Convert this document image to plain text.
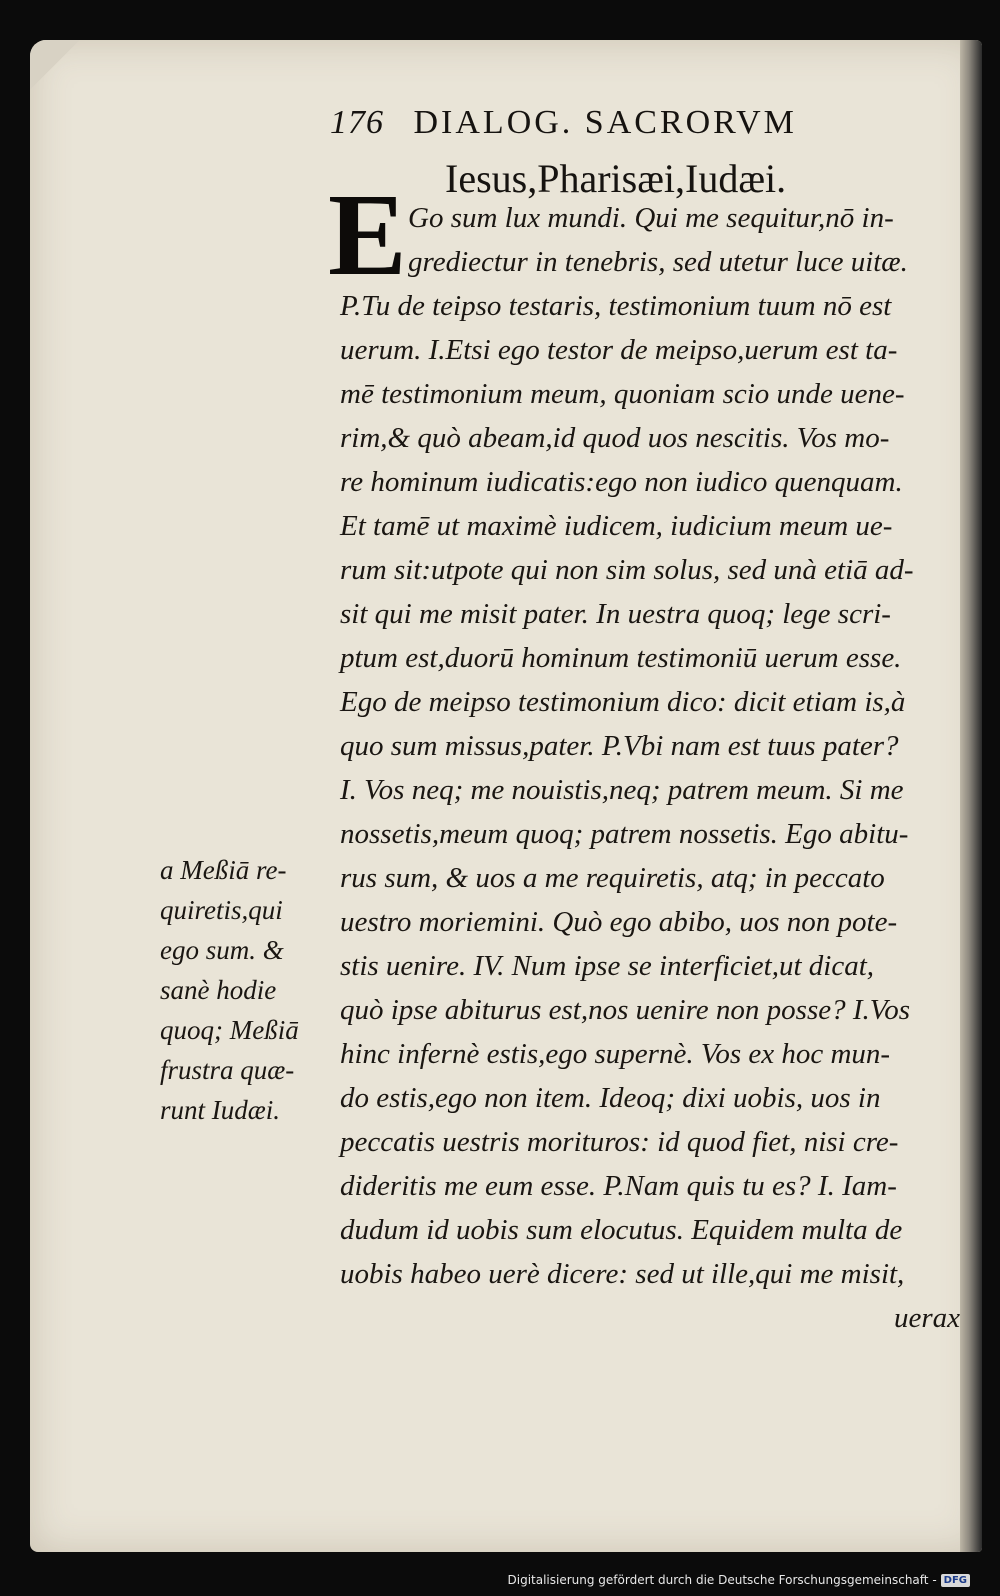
176 DIALOG. SACRORVM
Iesus,Pharisæi,Iudæi.
E Go sum lux mundi. Qui me sequitur,nō in-
grediectur in tenebris, sed utetur luce uitæ.
P.Tu de teipso testaris, testimonium tuum nō est
uerum. I.Etsi ego testor de meipso,uerum est ta-
mē testimonium meum, quoniam scio unde uene-
rim,& quò abeam,id quod uos nescitis. Vos mo-
re hominum iudicatis:ego non iudico quenquam.
Et tamē ut maximè iudicem, iudicium meum ue-
rum sit:utpote qui non sim solus, sed unà etiā ad-
sit qui me misit pater. In uestra quoq; lege scri-
ptum est,duorū hominum testimoniū uerum esse.
Ego de meipso testimonium dico: dicit etiam is,à
quo sum missus,pater. P.Vbi nam est tuus pater?
I. Vos neq; me nouistis,neq; patrem meum. Si me
nossetis,meum quoq; patrem nossetis. Ego abitu-
rus sum, & uos a me requiretis, atq; in peccato
uestro moriemini. Quò ego abibo, uos non pote-
stis uenire. IV. Num ipse se interficiet,ut dicat,
quò ipse abiturus est,nos uenire non posse? I.Vos
hinc infernè estis,ego supernè. Vos ex hoc mun-
do estis,ego non item. Ideoq; dixi uobis, uos in
peccatis uestris morituros: id quod fiet, nisi cre-
dideritis me eum esse. P.Nam quis tu es? I. Iam-
dudum id uobis sum elocutus. Equidem multa de
uobis habeo uerè dicere: sed ut ille,qui me misit,
uerax
a Meßiā re-
quiretis,qui
ego sum. &
sanè hodie
quoq; Meßiā
frustra quæ-
runt Iudæi.
Digitalisierung gefördert durch die Deutsche Forschungsgemeinschaft - DFG
